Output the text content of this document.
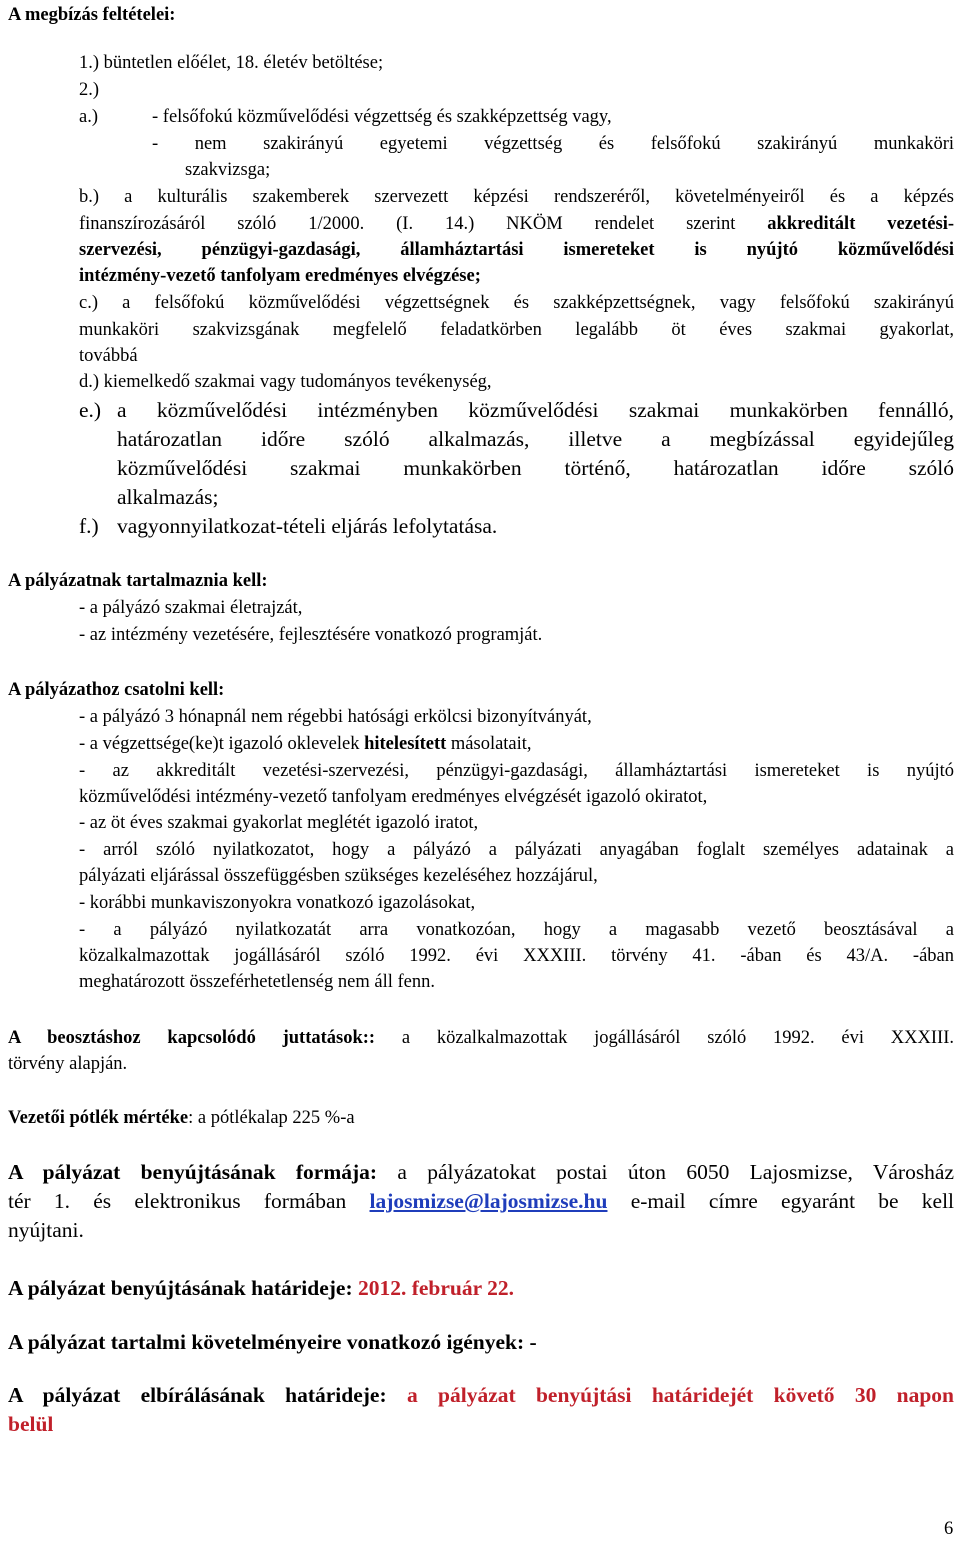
A megbízás feltételei:
1.) büntetlen előélet, 18. életév betöltése;
2.)
a.)	- felsőfokú közművelődési végzettség és szakképzettség vagy,
- nem szakirányú egyetemi végzettség és felsőfokú szakirányú munkaköri
szakvizsga;
b.) a kulturális szakemberek szervezett képzési rendszeréről, követelményeiről és a képzés
finanszírozásáról szóló 1/2000. (I. 14.) NKÖM rendelet szerint akkreditált vezetési-
szervezési, pénzügyi-gazdasági, államháztartási ismereteket is nyújtó közművelődési
intézmény-vezető tanfolyam eredményes elvégzése;
c.) a felsőfokú közművelődési végzettségnek és szakképzettségnek, vagy felsőfokú szakirányú
munkaköri szakvizsgának megfelelő feladatkörben legalább öt éves szakmai gyakorlat,
továbbá
d.) kiemelkedő szakmai vagy tudományos tevékenység,
e.) a közművelődési intézményben közművelődési szakmai munkakörben fennálló,
határozatlan időre szóló alkalmazás, illetve a megbízással egyidejűleg
közművelődési szakmai munkakörben történő, határozatlan időre szóló
alkalmazás;
f.) vagyonnyilatkozat-tételi eljárás lefolytatása.
A pályázatnak tartalmaznia kell:
- a pályázó szakmai életrajzát,
- az intézmény vezetésére, fejlesztésére vonatkozó programját.
A pályázathoz csatolni kell:
- a pályázó 3 hónapnál nem régebbi hatósági erkölcsi bizonyítványát,
- a végzettsége(ke)t igazoló oklevelek hitelesített másolatait,
- az akkreditált vezetési-szervezési, pénzügyi-gazdasági, államháztartási ismereteket is nyújtó
közművelődési intézmény-vezető tanfolyam eredményes elvégzését igazoló okiratot,
- az öt éves szakmai gyakorlat meglétét igazoló iratot,
- arról szóló nyilatkozatot, hogy a pályázó a pályázati anyagában foglalt személyes adatainak a
pályázati eljárással összefüggésben szükséges kezeléséhez hozzájárul,
- korábbi munkaviszonyokra vonatkozó igazolásokat,
- a pályázó nyilatkozatát arra vonatkozóan, hogy a magasabb vezető beosztásával a
közalkalmazottak jogállásáról szóló 1992. évi XXXIII. törvény 41. -ában és 43/A. -ában
meghatározott összeférhetetlenség nem áll fenn.
A beosztáshoz kapcsolódó juttatások:: a közalkalmazottak jogállásáról szóló 1992. évi XXXIII.
törvény alapján.
Vezetői pótlék mértéke: a pótlékalap 225 %-a
A pályázat benyújtásának formája: a pályázatokat postai úton 6050 Lajosmizse, Városház
tér 1. és elektronikus formában lajosmizse@lajosmizse.hu e-mail címre egyaránt be kell
nyújtani.
A pályázat benyújtásának határideje: 2012. február 22.
A pályázat tartalmi követelményeire vonatkozó igények: -
A pályázat elbírálásának határideje: a pályázat benyújtási határidejét követő 30 napon
belül
6
